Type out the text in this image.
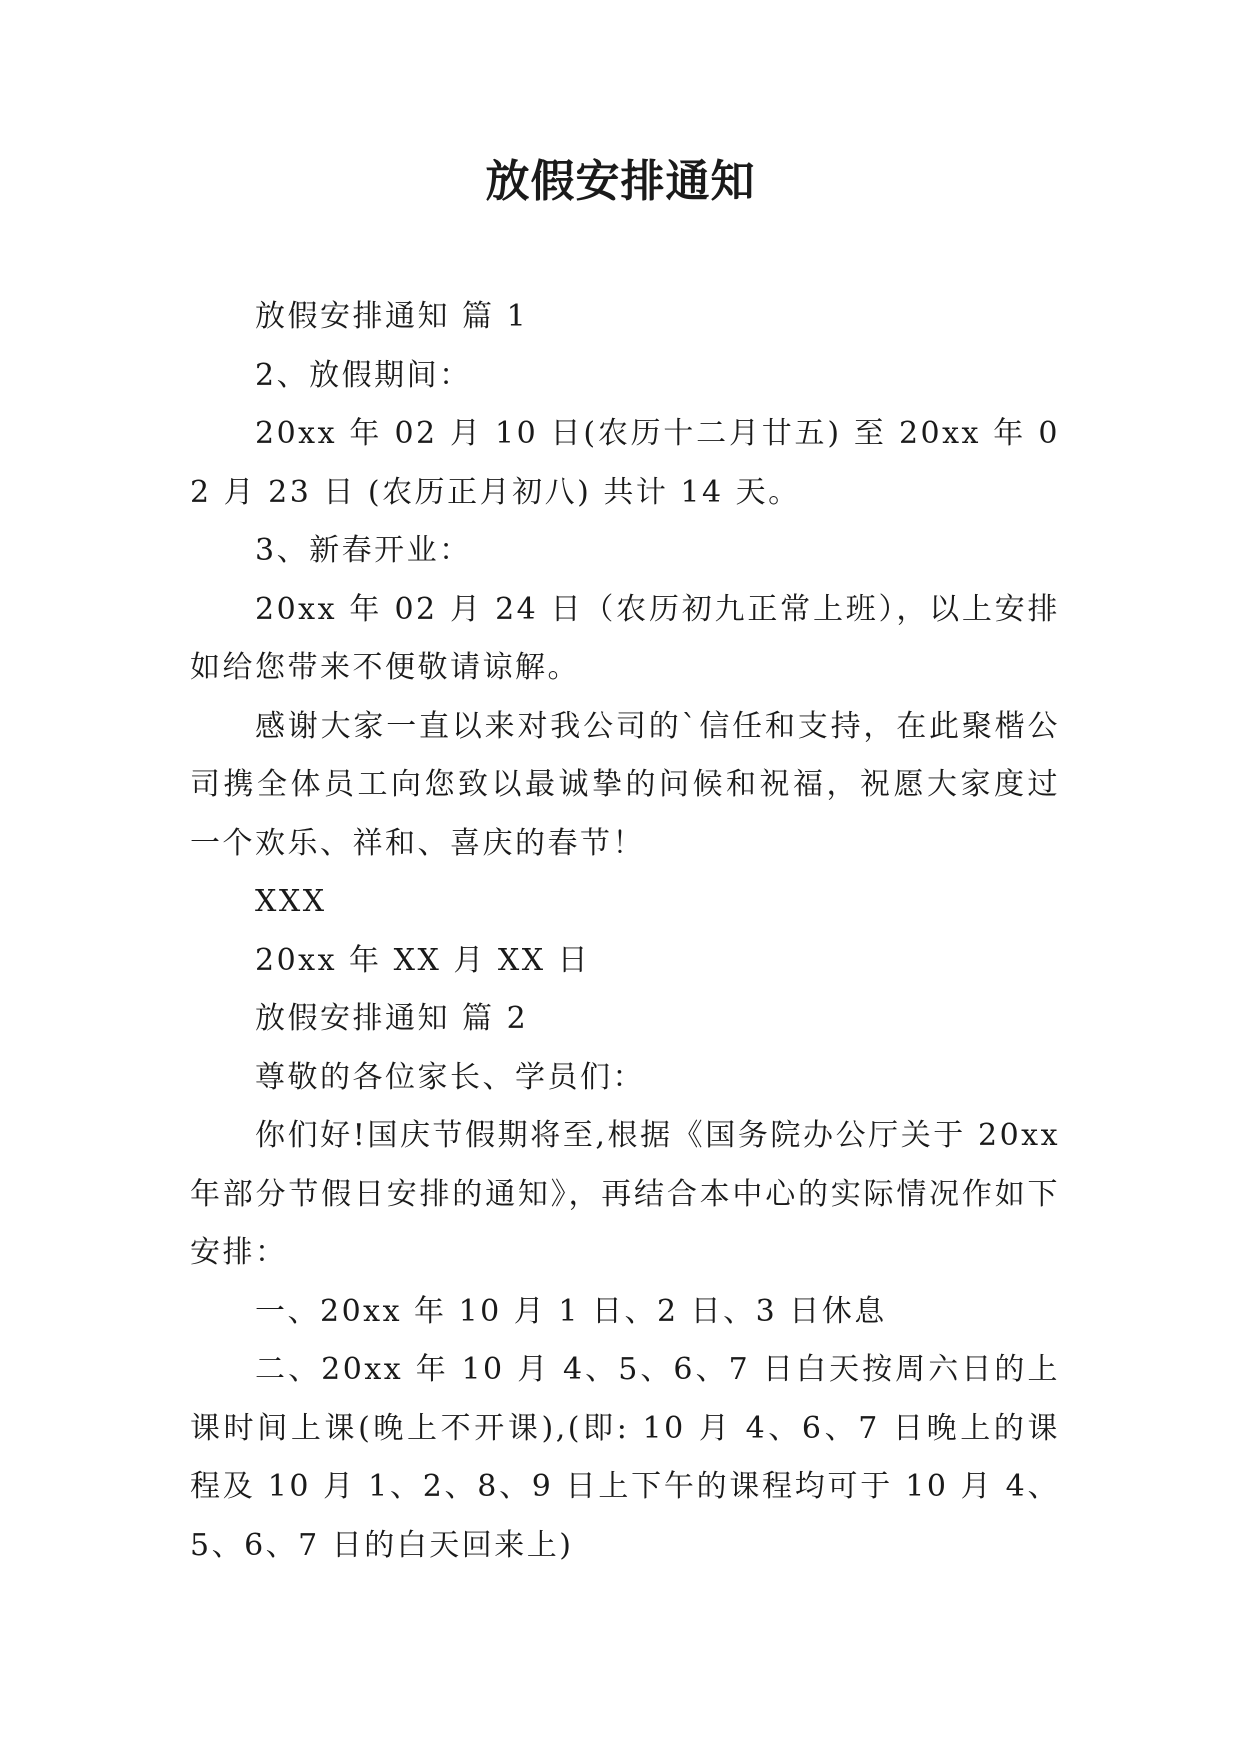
放假安排通知

放假安排通知 篇 1

2、放假期间：

20xx 年 02 月 10 日(农历十二月廿五) 至 20xx 年 02 月 23 日 (农历正月初八) 共计 14 天。

3、新春开业：

20xx 年 02 月 24 日（农历初九正常上班），以上安排如给您带来不便敬请谅解。

感谢大家一直以来对我公司的`信任和支持，在此聚楷公司携全体员工向您致以最诚挚的问候和祝福，祝愿大家度过一个欢乐、祥和、喜庆的春节！

XXX

20xx 年 XX 月 XX 日

放假安排通知 篇 2

尊敬的各位家长、学员们：

你们好!国庆节假期将至,根据《国务院办公厅关于 20xx 年部分节假日安排的通知》，再结合本中心的实际情况作如下安排：

一、20xx 年 10 月 1 日、2 日、3 日休息

二、20xx 年 10 月 4、5、6、7 日白天按周六日的上课时间上课(晚上不开课),(即: 10 月 4、6、7 日晚上的课程及 10 月 1、2、8、9 日上下午的课程均可于 10 月 4、5、6、7 日的白天回来上)
